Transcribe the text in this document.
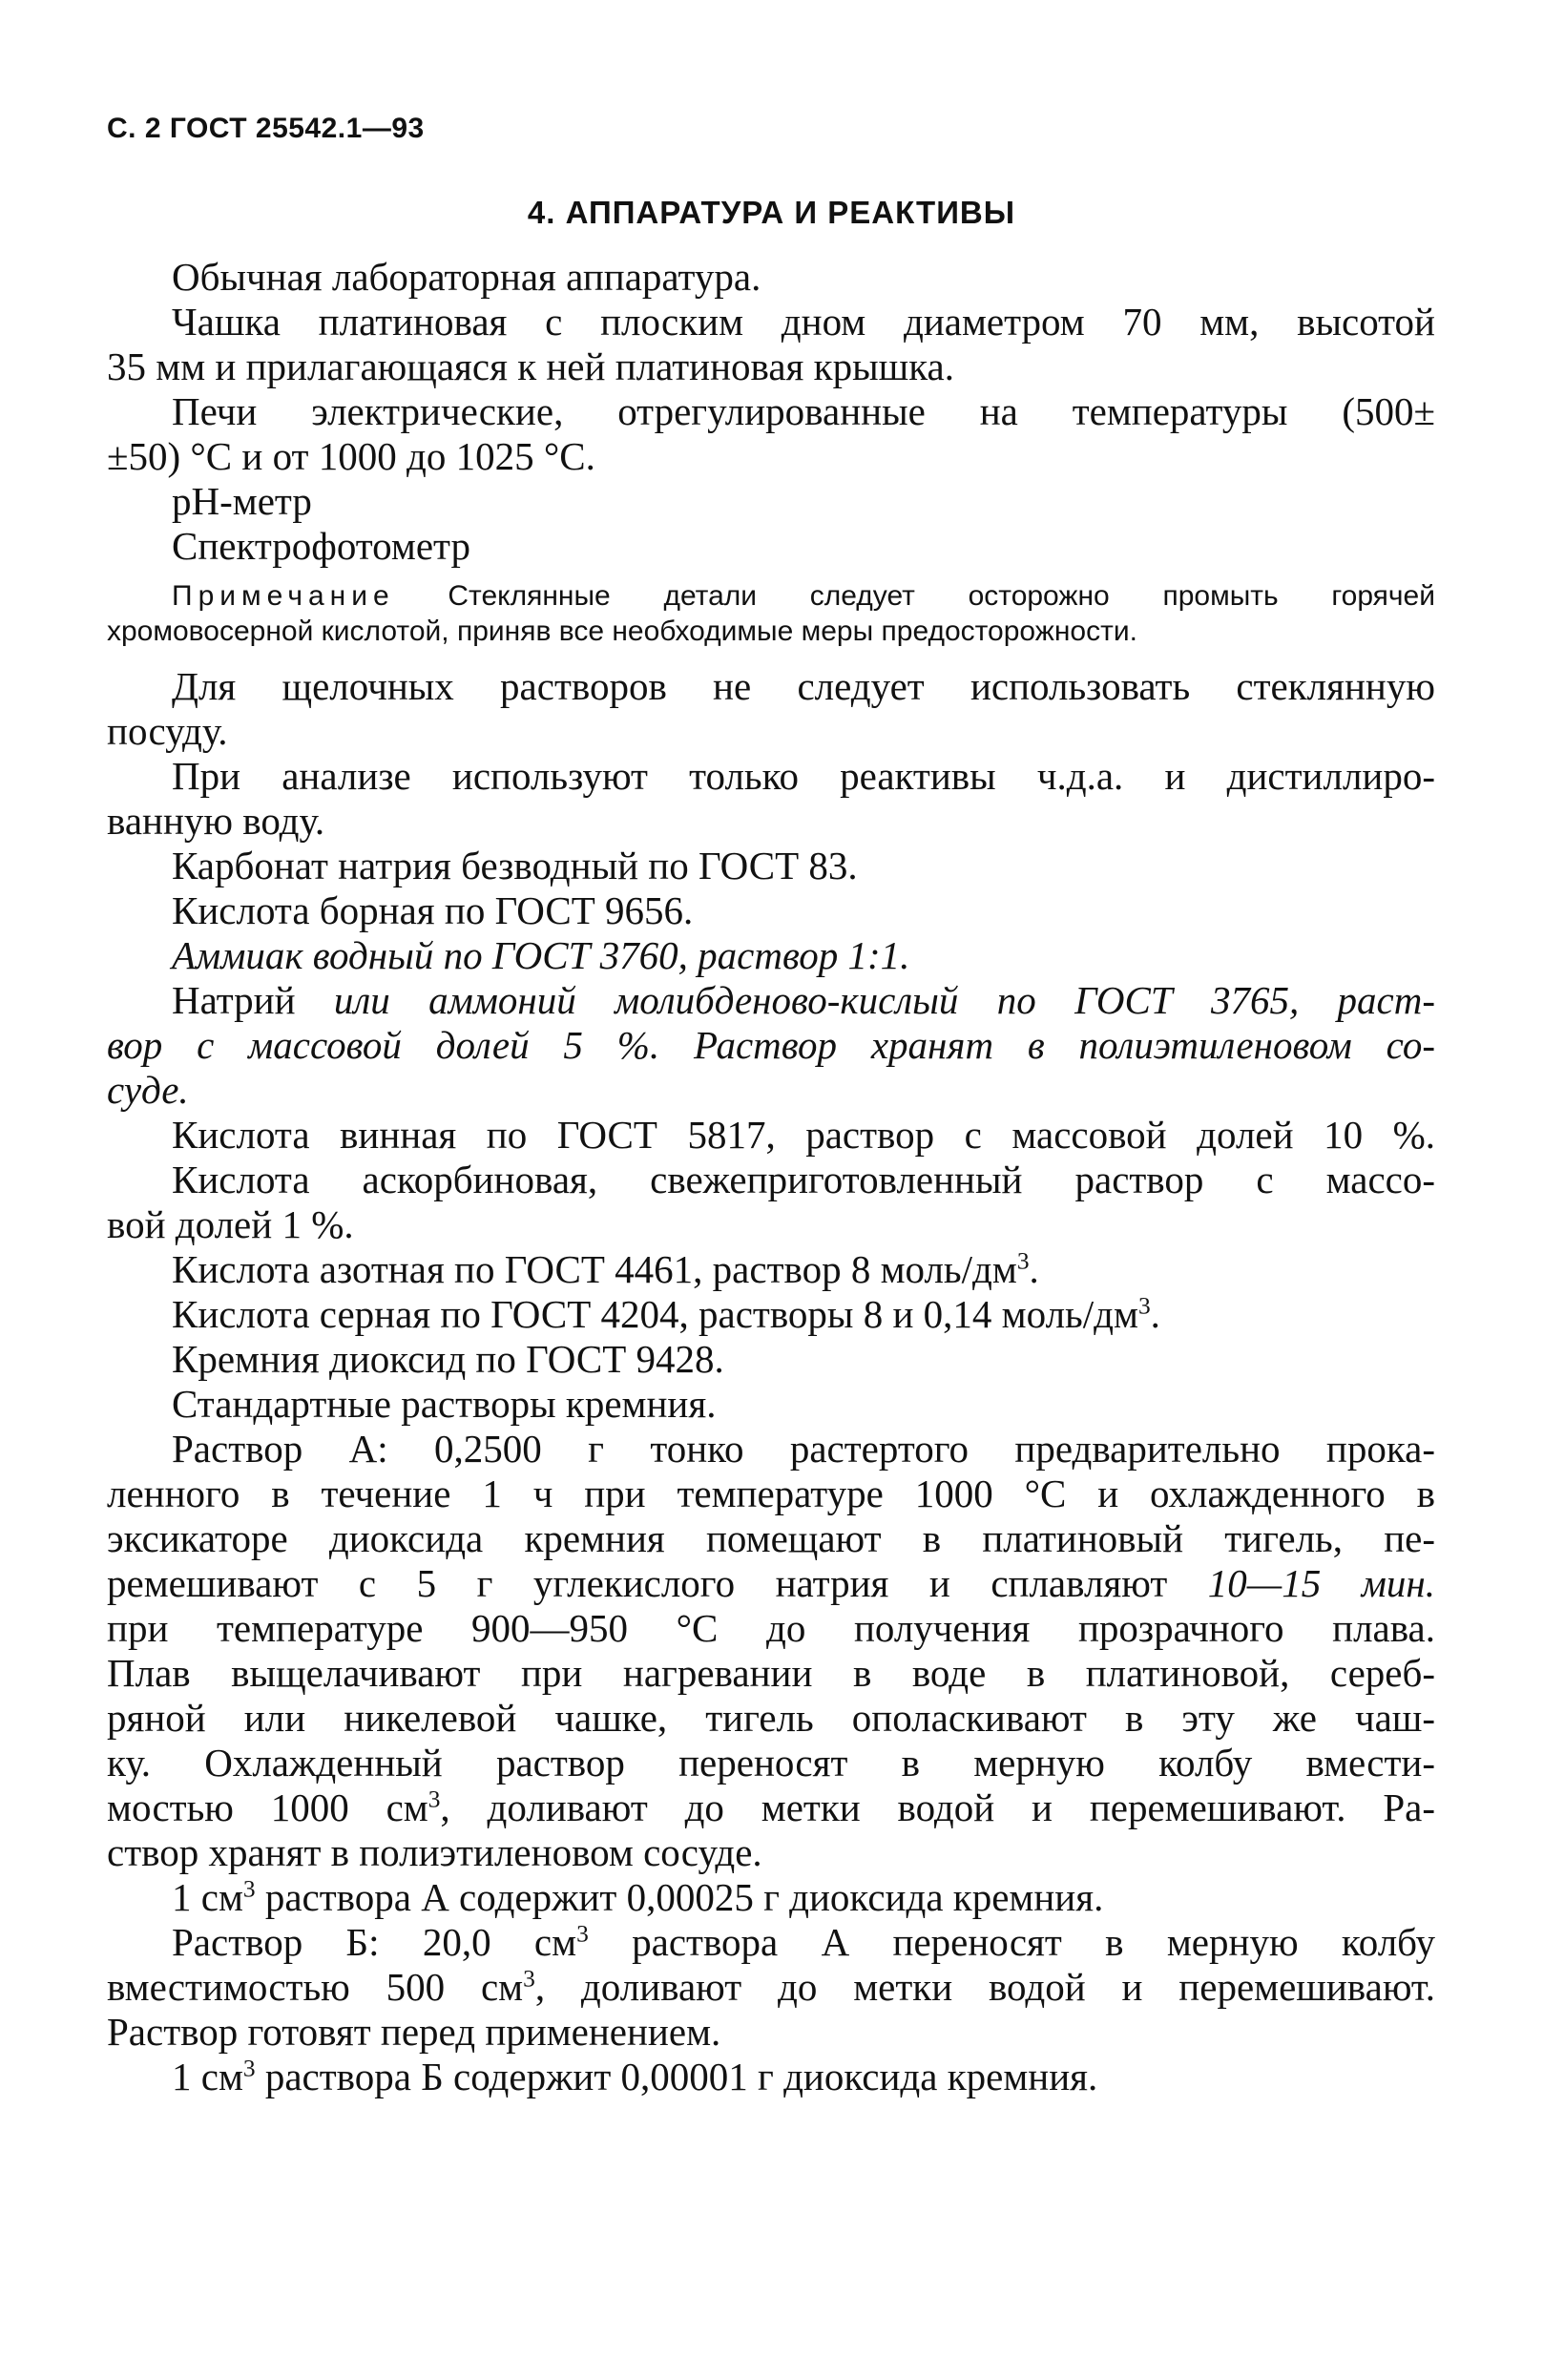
С. 2 ГОСТ 25542.1—93
4. АППАРАТУРА И РЕАКТИВЫ
Обычная лабораторная аппаратура.
Чашка платиновая с плоским дном диаметром 70 мм, высотой
35 мм и прилагающаяся к ней платиновая крышка.
Печи электрические, отрегулированные на температуры (500±
±50) °С и от 1000 до 1025 °С.
pH-метр
Спектрофотометр
Примечание Стеклянные детали следует осторожно промыть горячей
хромовосерной кислотой, приняв все необходимые меры предосторожности.
Для щелочных растворов не следует использовать стеклянную
посуду.
При анализе используют только реактивы ч.д.а. и дистиллиро-
ванную воду.
Карбонат натрия безводный по ГОСТ 83.
Кислота борная по ГОСТ 9656.
Аммиак водный по ГОСТ 3760, раствор 1:1.
Натрий или аммоний молибденово-кислый по ГОСТ 3765, раст-
вор с массовой долей 5 %. Раствор хранят в полиэтиленовом со-
суде.
Кислота винная по ГОСТ 5817, раствор с массовой долей 10 %.
Кислота аскорбиновая, свежеприготовленный раствор с массо-
вой долей 1 %.
Кислота азотная по ГОСТ 4461, раствор 8 моль/$дм^3$.
Кислота серная по ГОСТ 4204, растворы 8 и 0,14 моль/$дм^3$.
Кремния диоксид по ГОСТ 9428.
Стандартные растворы кремния.
Раствор А: 0,2500 г тонко растертого предварительно прока-
ленного в течение 1 ч при температуре 1000 °С и охлажденного в
эксикаторе диоксида кремния помещают в платиновый тигель, пе-
ремешивают с 5 г углекислого натрия и сплавляют 10—15 мин.
при температуре 900—950 °С до получения прозрачного плава.
Плав выщелачивают при нагревании в воде в платиновой, сереб-
ряной или никелевой чашке, тигель ополаскивают в эту же чаш-
ку. Охлажденный раствор переносят в мерную колбу вмести-
мостью 1000 $см^3$, доливают до метки водой и перемешивают. Ра-
створ хранят в полиэтиленовом сосуде.
1 $см^3$ раствора А содержит 0,00025 г диоксида кремния.
Раствор Б: 20,0 $см^3$ раствора А переносят в мерную колбу
вместимостью 500 $см^3$, доливают до метки водой и перемешивают.
Раствор готовят перед применением.
1 $см^3$ раствора Б содержит 0,00001 г диоксида кремния.
